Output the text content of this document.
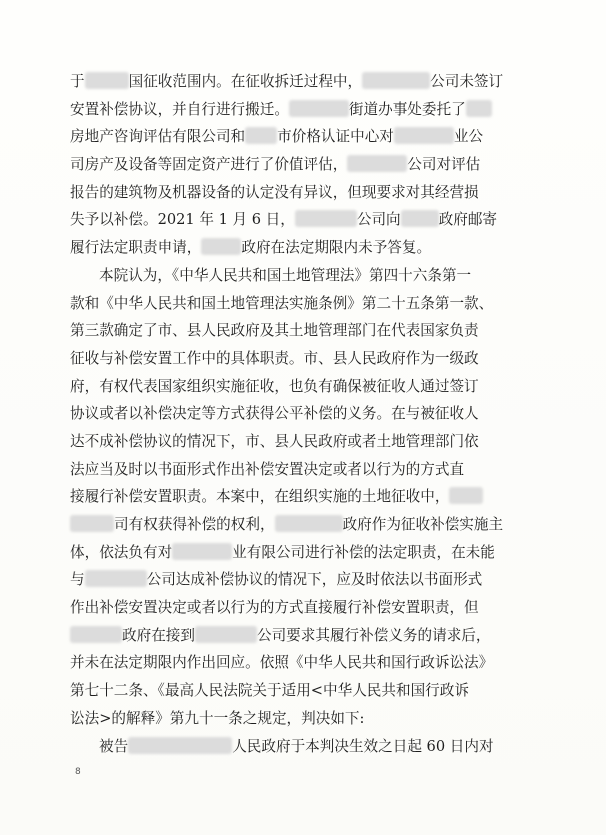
于	国征收范围内。在征收拆迁过程中，	公司未签订
安置补偿协议，并自行进行搬迁。	街道办事处委托了
房地产咨询评估有限公司和 市价格认证中心对	业公
司房产及设备等固定资产进行了价值评估，	公司对评估
报告的建筑物及机器设备的认定没有异议，但现要求对其经营损
失予以补偿。2021 年 1 月 6 日，	公司向	政府邮寄
履行法定职责申请，	政府在法定期限内未予答复。
本院认为，《中华人民共和国土地管理法》第四十六条第一
款和《中华人民共和国土地管理法实施条例》第二十五条第一款、
第三款确定了市、县人民政府及其土地管理部门在代表国家负责
征收与补偿安置工作中的具体职责。市、县人民政府作为一级政
府，有权代表国家组织实施征收，也负有确保被征收人通过签订
协议或者以补偿决定等方式获得公平补偿的义务。在与被征收人
达不成补偿协议的情况下，市、县人民政府或者土地管理部门依
法应当及时以书面形式作出补偿安置决定或者以行为的方式直
接履行补偿安置职责。本案中，在组织实施的土地征收中，
司有权获得补偿的权利，	政府作为征收补偿实施主
体，依法负有对	业有限公司进行补偿的法定职责，在未能
与	公司达成补偿协议的情况下，应及时依法以书面形式
作出补偿安置决定或者以行为的方式直接履行补偿安置职责，但
政府在接到	公司要求其履行补偿义务的请求后，
并未在法定期限内作出回应。依照《中华人民共和国行政诉讼法》
第七十二条、《最高人民法院关于适用<中华人民共和国行政诉
讼法>的解释》第九十一条之规定，判决如下:
被告	人民政府于本判决生效之日起 60 日内对
8
